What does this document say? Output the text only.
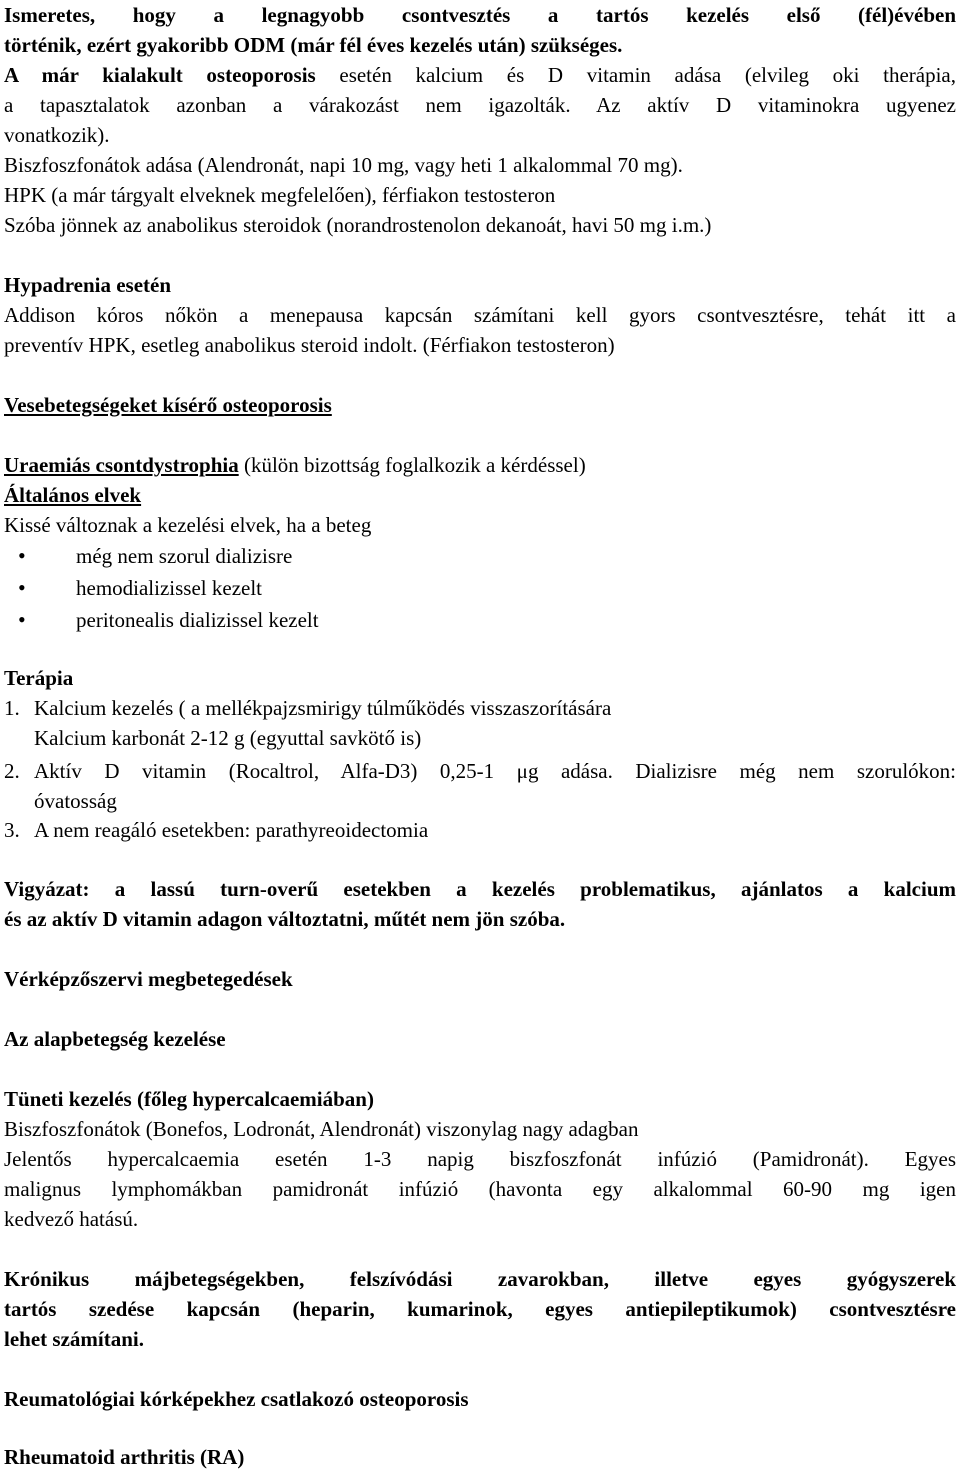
Ismeretes, hogy a legnagyobb csontvesztés a tartós kezelés első (fél)évében

történik, ezért gyakoribb ODM (már fél éves kezelés után) szükséges.

A már kialakult osteoporosis esetén kalcium és D vitamin adása (elvileg oki therápia,

a tapasztalatok azonban a várakozást nem igazolták. Az aktív D vitaminokra ugyenez

vonatkozik).

Biszfoszfonátok adása (Alendronát, napi 10 mg, vagy heti 1 alkalommal 70 mg).

HPK (a már tárgyalt elveknek megfelelően), férfiakon testosteron

Szóba jönnek az anabolikus steroidok (norandrostenolon dekanoát, havi 50 mg i.m.)

Hypadrenia esetén

Addison kóros nőkön a menepausa kapcsán számítani kell gyors csontvesztésre, tehát itt a

preventív HPK, esetleg anabolikus steroid indolt. (Férfiakon testosteron)

Vesebetegségeket kísérő osteoporosis

Uraemiás csontdystrophia (külön bizottság foglalkozik a kérdéssel)

Általános elvek

Kissé változnak a kezelési elvek, ha a beteg

• még nem szorul dializisre
• hemodializissel kezelt
• peritonealis dializissel kezelt

Terápia

1. Kalcium kezelés ( a mellékpajzsmirigy túlműködés visszaszorítására

Kalcium karbonát 2-12 g (egyuttal savkötő is)

2. Aktív D vitamin (Rocaltrol, Alfa-D3) 0,25-1 μg adása. Dializisre még nem szorulókon:

óvatosság

3. A nem reagáló esetekben: parathyreoidectomia

Vigyázat: a lassú turn-overű esetekben a kezelés problematikus, ajánlatos a kalcium

és az aktív D vitamin adagon változtatni, műtét nem jön szóba.

Vérképzőszervi megbetegedések

Az alapbetegség kezelése

Tüneti kezelés (főleg hypercalcaemiában)

Biszfoszfonátok (Bonefos, Lodronát, Alendronát) viszonylag nagy adagban

Jelentős hypercalcaemia esetén 1-3 napig biszfoszfonát infúzió (Pamidronát). Egyes

malignus lymphomákban pamidronát infúzió (havonta egy alkalommal 60-90 mg igen

kedvező hatású.

Krónikus májbetegségekben, felszívódási zavarokban, illetve egyes gyógyszerek

tartós szedése kapcsán (heparin, kumarinok, egyes antiepileptikumok) csontvesztésre

lehet számítani.

Reumatológiai kórképekhez csatlakozó osteoporosis

Rheumatoid arthritis (RA)
